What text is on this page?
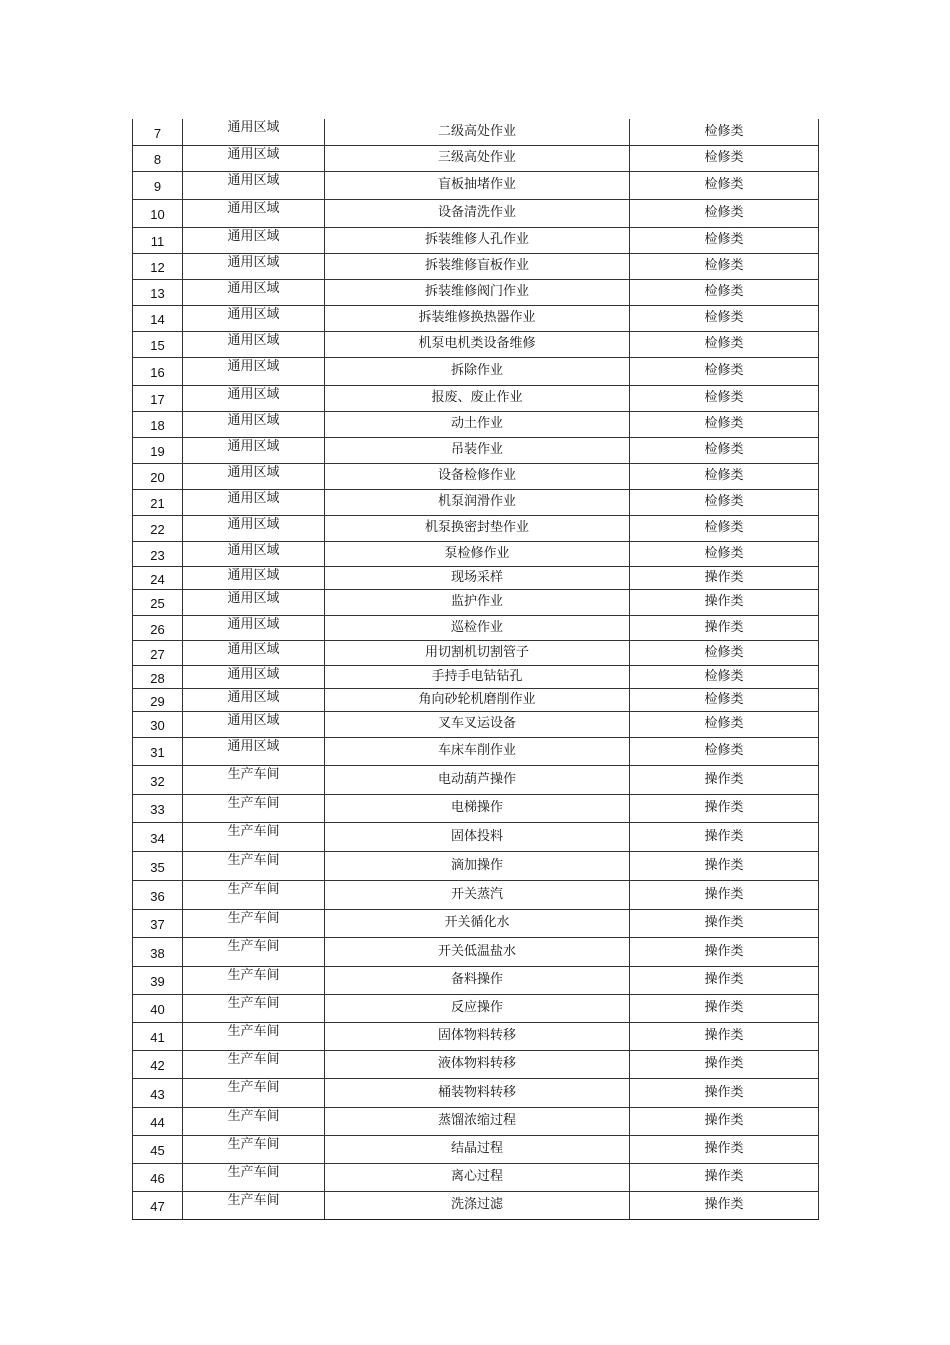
7	通用区域	二级高处作业	检修类
8	通用区域	三级高处作业	检修类
9	通用区域	盲板抽堵作业	检修类
10	通用区域	设备清洗作业	检修类
11	通用区域	拆装维修人孔作业	检修类
12	通用区域	拆装维修盲板作业	检修类
13	通用区域	拆装维修阀门作业	检修类
14	通用区域	拆装维修换热器作业	检修类
15	通用区域	机泵电机类设备维修	检修类
16	通用区域	拆除作业	检修类
17	通用区域	报废、废止作业	检修类
18	通用区域	动土作业	检修类
19	通用区域	吊装作业	检修类
20	通用区域	设备检修作业	检修类
21	通用区域	机泵润滑作业	检修类
22	通用区域	机泵换密封垫作业	检修类
23	通用区域	泵检修作业	检修类
24	通用区域	现场采样	操作类
25	通用区域	监护作业	操作类
26	通用区域	巡检作业	操作类
27	通用区域	用切割机切割管子	检修类
28	通用区域	手持手电钻钻孔	检修类
29	通用区域	角向砂轮机磨削作业	检修类
30	通用区域	叉车叉运设备	检修类
31	通用区域	车床车削作业	检修类
32	生产车间	电动葫芦操作	操作类
33	生产车间	电梯操作	操作类
34	生产车间	固体投料	操作类
35	生产车间	滴加操作	操作类
36	生产车间	开关蒸汽	操作类
37	生产车间	开关循化水	操作类
38	生产车间	开关低温盐水	操作类
39	生产车间	备料操作	操作类
40	生产车间	反应操作	操作类
41	生产车间	固体物料转移	操作类
42	生产车间	液体物料转移	操作类
43	生产车间	桶装物料转移	操作类
44	生产车间	蒸馏浓缩过程	操作类
45	生产车间	结晶过程	操作类
46	生产车间	离心过程	操作类
47	生产车间	洗涤过滤	操作类
